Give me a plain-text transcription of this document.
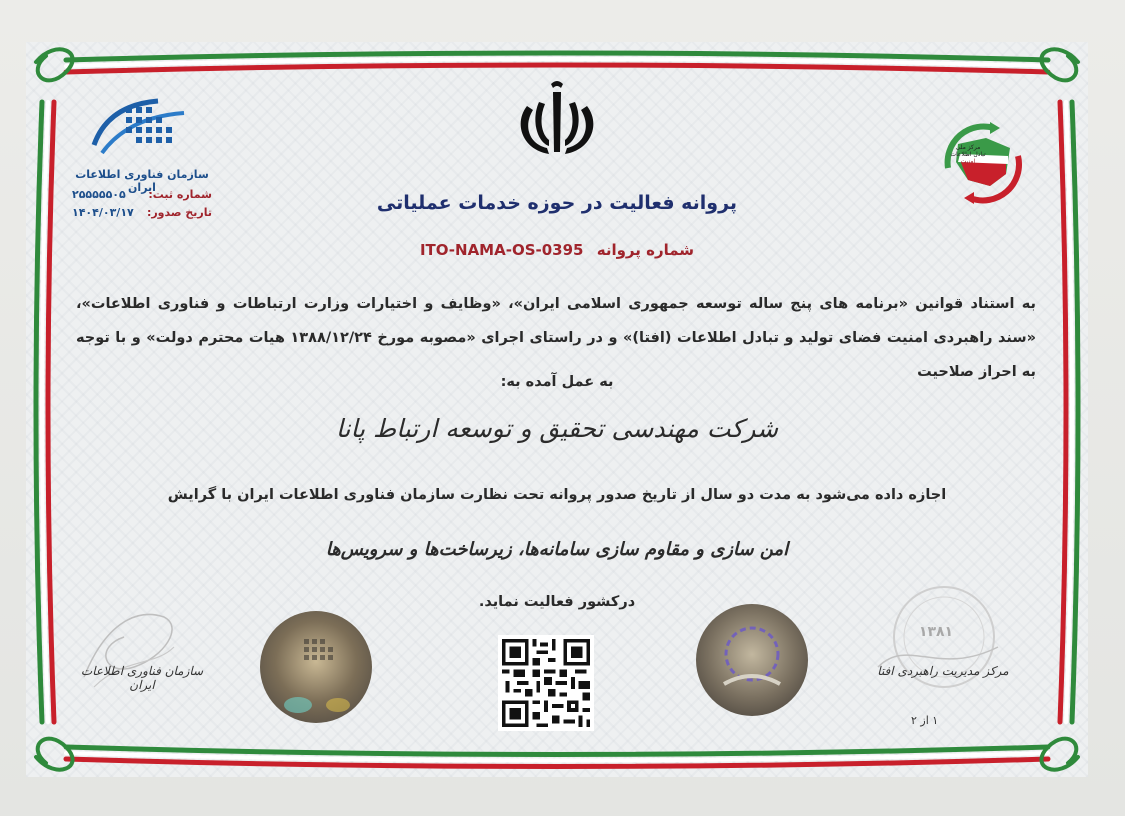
سازمان فناوری اطلاعات ایران
شماره ثبت:
۲۵۵۵۵۵۰۵
تاریخ صدور:
۱۴۰۴/۰۳/۱۷
مرکز ملی
تبادل اطلاعات
امنیت
پروانه فعالیت در حوزه خدمات عملیاتی
شماره پروانه ITO-NAMA-OS-0395
به استناد قوانین «برنامه های پنج ساله توسعه جمهوری اسلامی ایران»، «وظایف و اختیارات وزارت ارتباطات و فناوری اطلاعات»، «سند راهبردی امنیت فضای تولید و تبادل اطلاعات (افتا)» و در راستای اجرای «مصوبه مورخ ۱۳۸۸/۱۲/۲۴ هیات محترم دولت» و با توجه به احراز صلاحیت
به عمل آمده به:
شرکت مهندسی تحقیق و توسعه ارتباط پانا
اجازه داده می‌شود به مدت دو سال از تاریخ صدور پروانه تحت نظارت سازمان فناوری اطلاعات ایران با گرایش
امن سازی و مقاوم سازی سامانه‌ها، زیرساخت‌ها و سرویس‌ها
درکشور فعالیت نماید.
سازمان فناوری اطلاعات ایران
۱۳۸۱
مرکز مدیریت راهبردی افتا
۱ از ۲
